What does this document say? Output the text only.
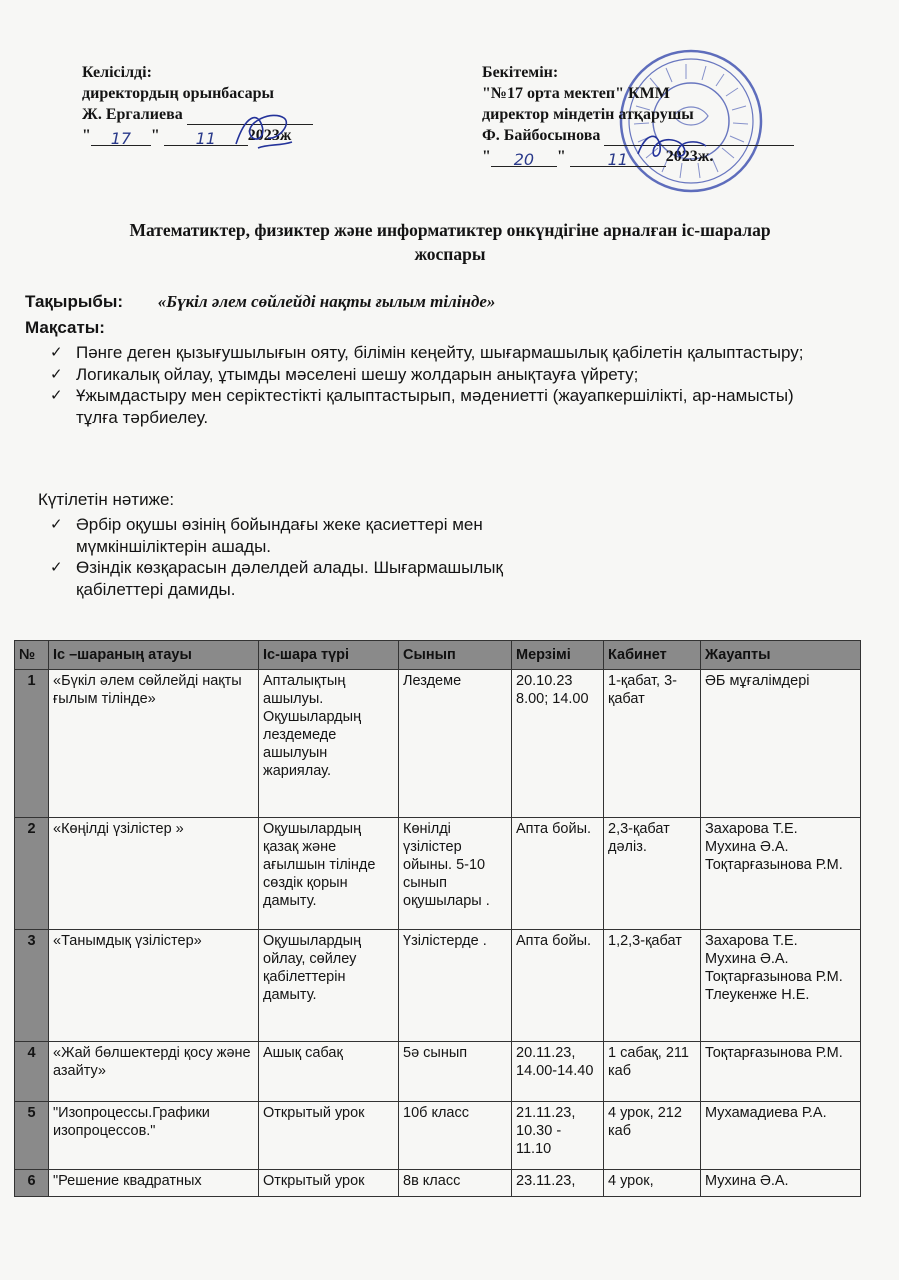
Келісілді:
директордың орынбасары
Ж. Ергалиева
" 17 " 11 2023ж
Бекітемін:
"№17 орта мектеп" КММ
директор міндетін атқарушы
Ф. Байбосынова
" 20 "	11 2023ж.
Математиктер, физиктер және информатиктер онкүндігіне арналған іс-шаралар
жоспары
Тақырыбы: «Бүкіл әлем сөйлейді нақты ғылым тілінде»
Мақсаты:
✓ Пәнге деген қызығушылығын ояту, білімін кеңейту, шығармашылық қабілетін қалыптастыру;
✓ Логикалық ойлау, ұтымды мәселені шешу жолдарын анықтауға үйрету;
✓ Ұжымдастыру мен серіктестікті қалыптастырып, мәдениетті (жауапкершілікті, ар-намысты) тұлға тәрбиелеу.
Күтілетін нәтиже:
✓ Әрбір оқушы өзінің бойындағы жеке қасиеттері мен мүмкіншіліктерін ашады.
✓ Өзіндік көзқарасын дәлелдей алады. Шығармашылық қабілеттері дамиды.
№	Іс –шараның атауы	Іс-шара түрі	Сынып	Мерзімі	Кабинет	Жауапты
1	«Бүкіл әлем сөйлейді нақты ғылым тілінде»	Апталықтың ашылуы. Оқушылардың лездемеде ашылуын жариялау.	Лездеме	20.10.23 8.00; 14.00	1-қабат, 3- қабат	ӘБ мұғалімдері
2	«Көңілді үзілістер »	Оқушылардың қазақ және ағылшын тілінде сөздік қорын дамыту.	Көнілді үзілістер ойыны. 5-10 сынып оқушылары .	Апта бойы.	2,3-қабат дәліз.	Захарова Т.Е.
Мухина Ә.А.
Тоқтарғазынова Р.М.
3	«Танымдық үзілістер»	Оқушылардың ойлау, сөйлеу қабілеттерін дамыту.	Үзілістерде .	Апта бойы.	1,2,3-қабат	Захарова Т.Е.
Мухина Ә.А.
Тоқтарғазынова Р.М.
Тлеукенже Н.Е.
4	«Жай бөлшектерді қосу және азайту»	Ашық сабақ	5ә сынып	20.11.23, 14.00-14.40	1 сабақ, 211 каб	Тоқтарғазынова Р.М.
5	"Изопроцессы.Графики изопроцессов."	Открытый урок	10б класс	21.11.23, 10.30 - 11.10	4 урок, 212 каб	Мухамадиева Р.А.
6	"Решение квадратных	Открытый урок	8в класс	23.11.23,	4 урок,	Мухина Ә.А.
